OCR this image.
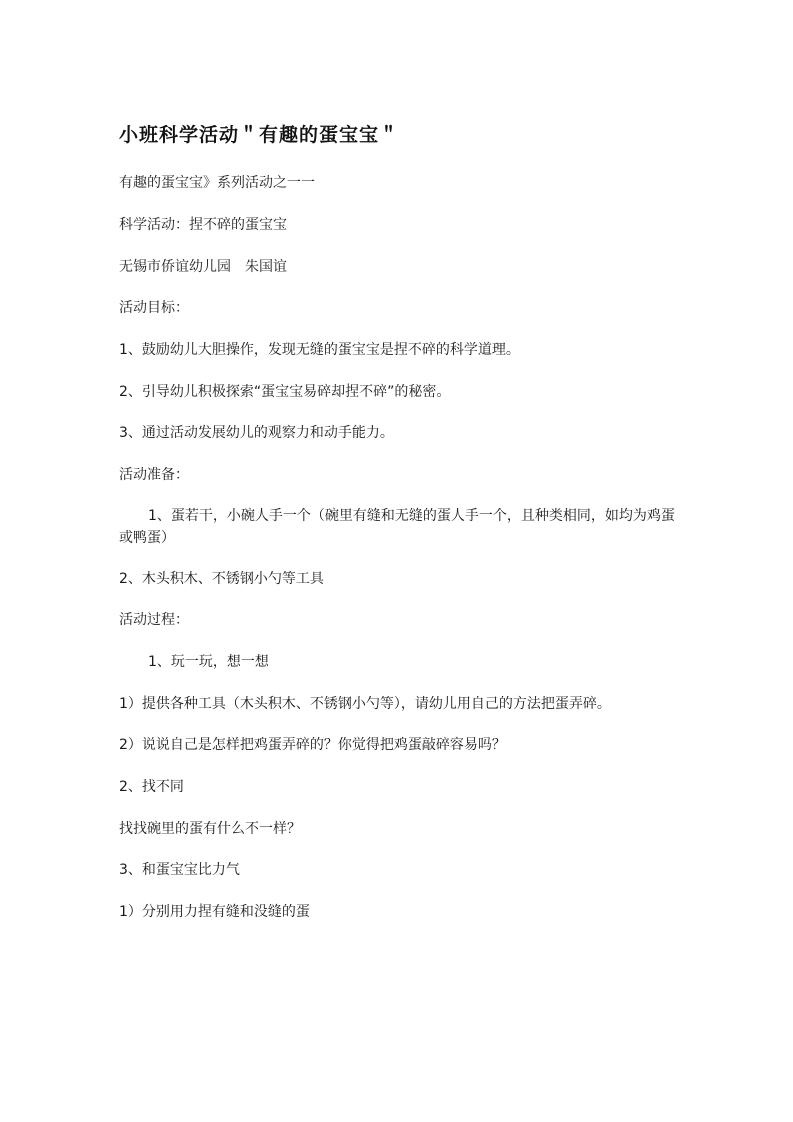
小班科学活动＂有趣的蛋宝宝＂
有趣的蛋宝宝》系列活动之一一
科学活动：捏不碎的蛋宝宝
无锡市侨谊幼儿园　朱国谊
活动目标：
1、鼓励幼儿大胆操作，发现无缝的蛋宝宝是捏不碎的科学道理。
2、引导幼儿积极探索“蛋宝宝易碎却捏不碎”的秘密。
3、通过活动发展幼儿的观察力和动手能力。
活动准备：
1、蛋若干，小碗人手一个（碗里有缝和无缝的蛋人手一个，且种类相同，如均为鸡蛋或鸭蛋）
2、木头积木、不锈钢小勺等工具
活动过程：
1、玩一玩，想一想
1）提供各种工具（木头积木、不锈钢小勺等），请幼儿用自己的方法把蛋弄碎。
2）说说自己是怎样把鸡蛋弄碎的？你觉得把鸡蛋敲碎容易吗？
2、找不同
找找碗里的蛋有什么不一样？
3、和蛋宝宝比力气
1）分别用力捏有缝和没缝的蛋
